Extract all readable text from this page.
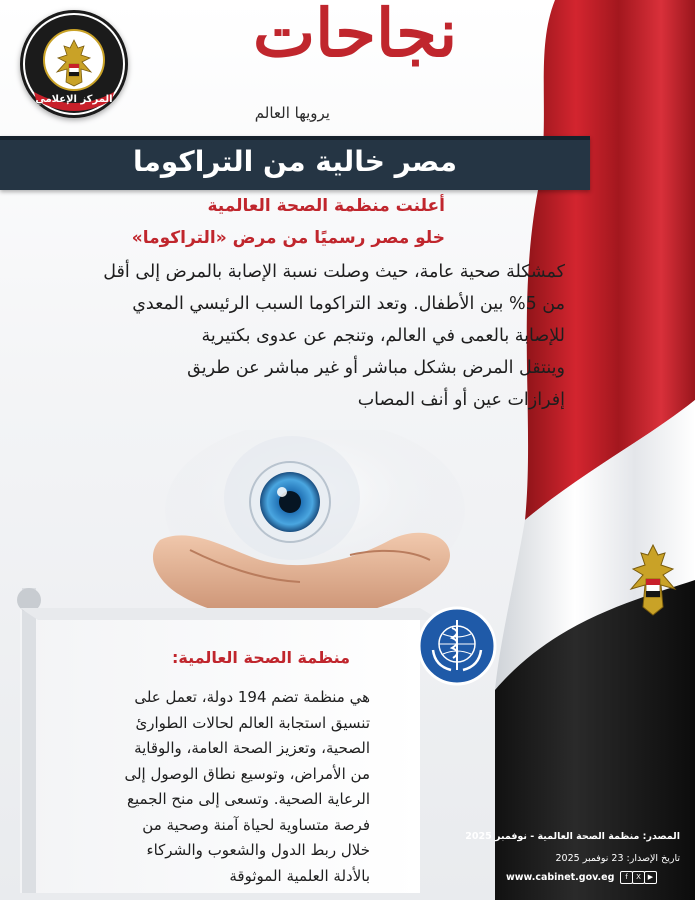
المركز الإعلامي
نجاحات
يرويها العالم
مصر خالية من التراكوما
أعلنت منظمة الصحة العالمية
خلو مصر رسميًا من مرض «التراكوما»
كمشكلة صحية عامة، حيث وصلت نسبة الإصابة بالمرض إلى أقل
من 5% بين الأطفال. وتعد التراكوما السبب الرئيسي المعدي
للإصابة بالعمى في العالم، وتنجم عن عدوى بكتيرية
وينتقل المرض بشكل مباشر أو غير مباشر عن طريق
إفرازات عين أو أنف المصاب
منظمة الصحة العالمية:
هي منظمة تضم 194 دولة، تعمل على
تنسيق استجابة العالم لحالات الطوارئ
الصحية، وتعزيز الصحة العامة، والوقاية
من الأمراض، وتوسيع نطاق الوصول إلى
الرعاية الصحية. وتسعى إلى منح الجميع
فرصة متساوية لحياة آمنة وصحية من
خلال ربط الدول والشعوب والشركاء
بالأدلة العلمية الموثوقة
المصدر: منظمة الصحة العالمية - نوفمبر 2025
تاريخ الإصدار: 23 نوفمبر 2025
www.cabinet.gov.eg	f	X ▶
